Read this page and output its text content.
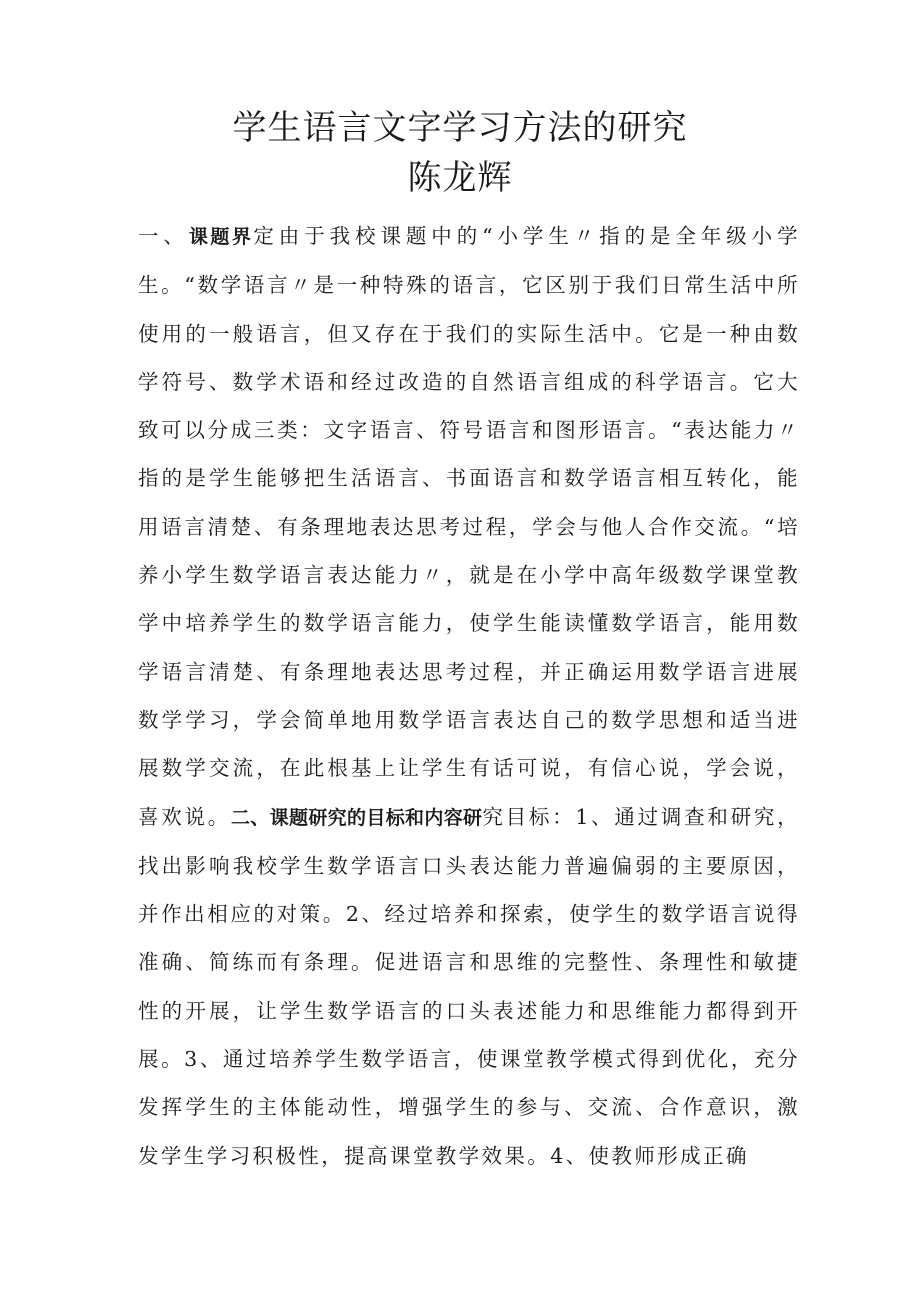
学生语言文字学习方法的研究
陈龙辉

一、课题界定由于我校课题中的“小学生〃指的是全年级小学生。“数学语言〃是一种特殊的语言，它区别于我们日常生活中所使用的一般语言，但又存在于我们的实际生活中。它是一种由数学符号、数学术语和经过改造的自然语言组成的科学语言。它大致可以分成三类：文字语言、符号语言和图形语言。“表达能力〃指的是学生能够把生活语言、书面语言和数学语言相互转化，能用语言清楚、有条理地表达思考过程，学会与他人合作交流。“培养小学生数学语言表达能力〃，就是在小学中高年级数学课堂教学中培养学生的数学语言能力，使学生能读懂数学语言，能用数学语言清楚、有条理地表达思考过程，并正确运用数学语言进展数学学习，学会简单地用数学语言表达自己的数学思想和适当进展数学交流，在此根基上让学生有话可说，有信心说，学会说，喜欢说。二、课题研究的目标和内容研究目标：1、通过调查和研究，找出影响我校学生数学语言口头表达能力普遍偏弱的主要原因，并作出相应的对策。2、经过培养和探索，使学生的数学语言说得准确、简练而有条理。促进语言和思维的完整性、条理性和敏捷性的开展，让学生数学语言的口头表述能力和思维能力都得到开展。3、通过培养学生数学语言，使课堂教学模式得到优化，充分发挥学生的主体能动性，增强学生的参与、交流、合作意识，激发学生学习积极性，提高课堂教学效果。4、使教师形成正确
